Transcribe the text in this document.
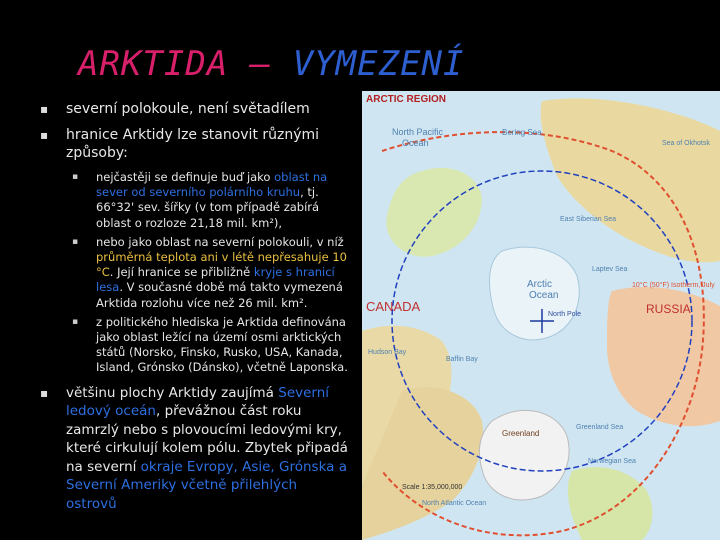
ARKTIDA – VYMEZENÍ
▪ severní polokoule, není světadílem
▪ hranice Arktidy lze stanovit různými způsoby:
▪ nejčastěji se definuje buď jako oblast na sever od severního polárního kruhu, tj. 66°32' sev. šířky (v tom případě zabírá oblast o rozloze 21,18 mil. km²),
▪ nebo jako oblast na severní polokouli, v níž průměrná teplota ani v létě nepřesahuje 10 °C. Její hranice se přibližně kryje s hranicí lesa. V současné době má takto vymezená Arktida rozlohu více než 26 mil. km².
▪ z politického hlediska je Arktida definována jako oblast ležící na území osmi arktických států (Norsko, Finsko, Rusko, USA, Kanada, Island, Grónsko (Dánsko), včetně Laponska.
▪ většinu plochy Arktidy zaujímá Severní ledový oceán, převážnou část roku zamrzlý nebo s plovoucími ledovými kry, které cirkulují kolem pólu. Zbytek připadá na severní okraje Evropy, Asie, Grónska a Severní Ameriky včetně přilehlých ostrovů
ARCTIC REGION
North Pacific
Ocean
Bering Sea
Sea of Okhotsk
Arctic
Ocean
North Pole
CANADA	RUSSIA
10°C (50°F) Isotherm, July
Greenland
Greenland Sea
Norwegian Sea
North Atlantic Ocean
Hudson Bay
Baffin Bay
Laptev Sea
East Siberian Sea
Scale 1:35,000,000
